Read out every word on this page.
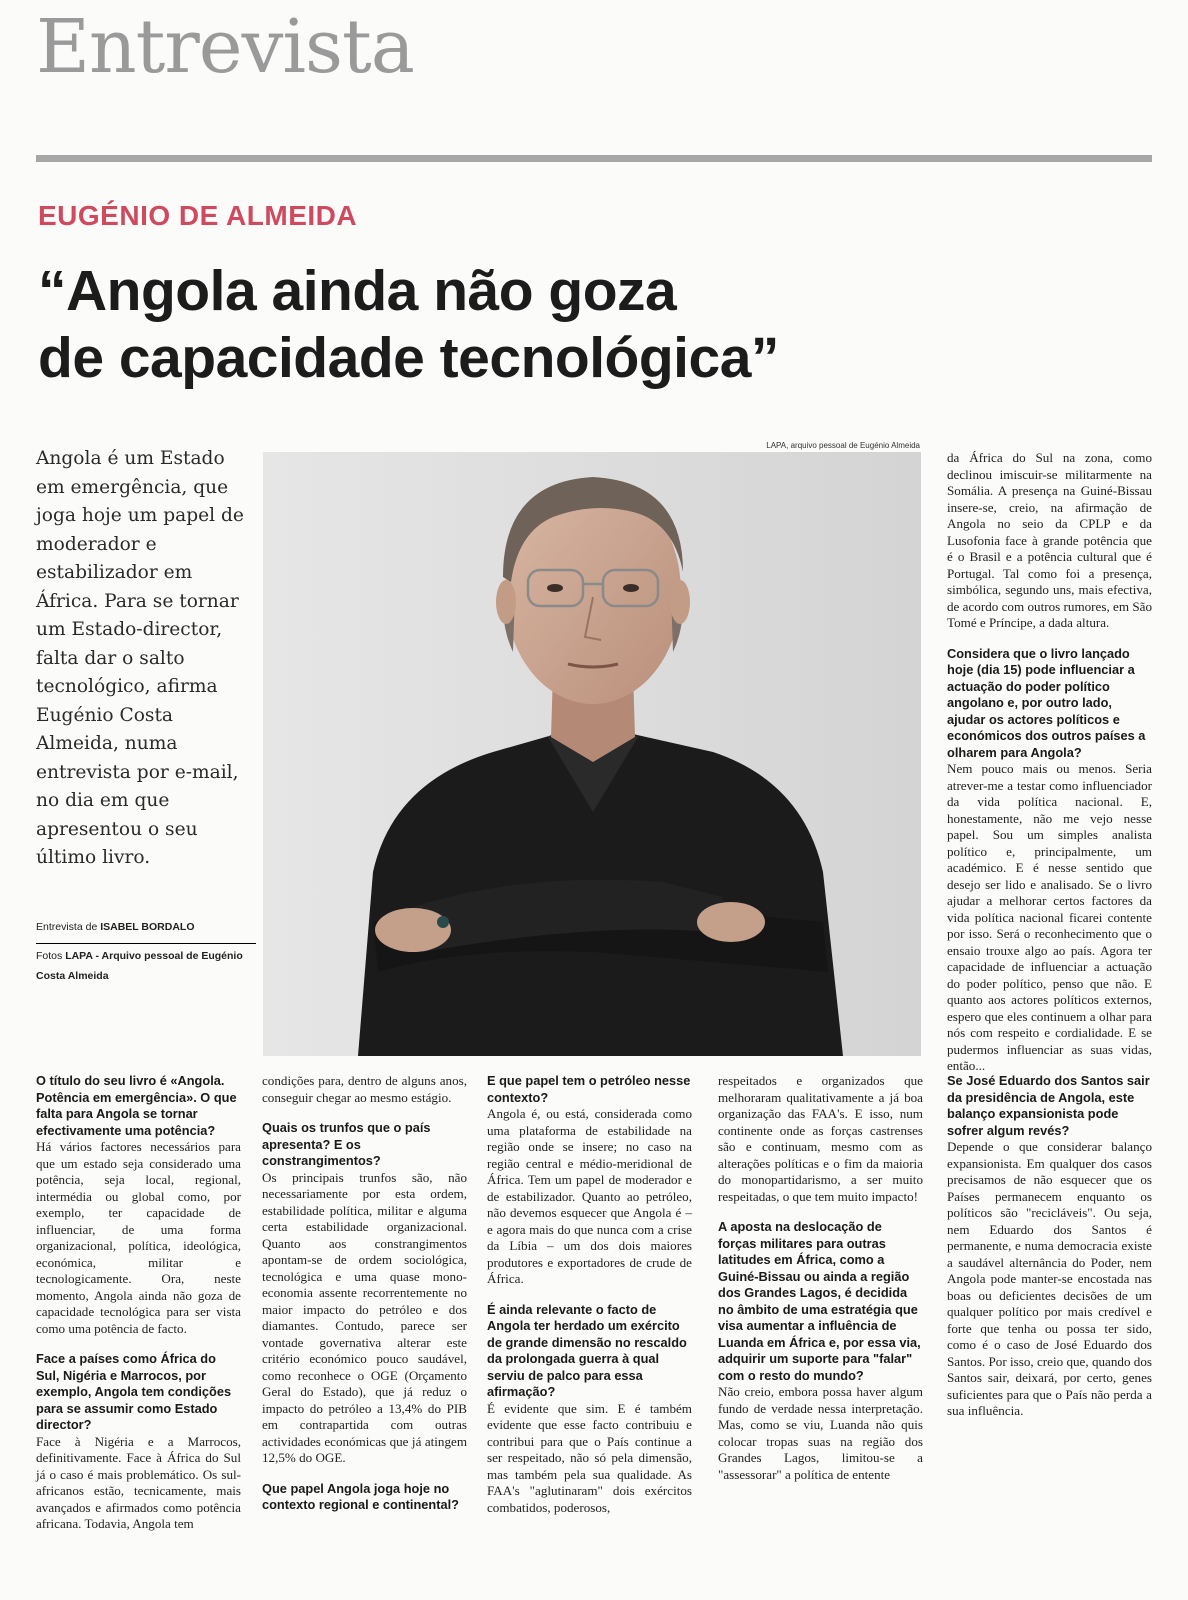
Entrevista
EUGÉNIO DE ALMEIDA
“Angola ainda não goza
de capacidade tecnológica”

Angola é um Estado em emergência, que joga hoje um papel de moderador e estabilizador em África. Para se tornar um Estado-director, falta dar o salto tecnológico, afirma Eugénio Costa Almeida, numa entrevista por e-mail, no dia em que apresentou o seu último livro.

LAPA, arquivo pessoal de Eugénio Almeida
Entrevista de ISABEL BORDALO
Fotos LAPA - Arquivo pessoal de Eugénio Costa Almeida

da África do Sul na zona, como declinou imiscuir-se militarmente na Somália. A presença na Guiné-Bissau insere-se, creio, na afirmação de Angola no seio da CPLP e da Lusofonia face à grande potência que é o Brasil e a potência cultural que é Portugal. Tal como foi a presença, simbólica, segundo uns, mais efectiva, de acordo com outros rumores, em São Tomé e Príncipe, a dada altura.

Considera que o livro lançado hoje (dia 15) pode influenciar a actuação do poder político angolano e, por outro lado, ajudar os actores políticos e económicos dos outros países a olharem para Angola?

Nem pouco mais ou menos. Seria atrever-me a testar como influenciador da vida política nacional. E, honestamente, não me vejo nesse papel. Sou um simples analista político e, principalmente, um académico. E é nesse sentido que desejo ser lido e analisado. Se o livro ajudar a melhorar certos factores da vida política nacional ficarei contente por isso. Será o reconhecimento que o ensaio trouxe algo ao país. Agora ter capacidade de influenciar a actuação do poder político, penso que não. E quanto aos actores políticos externos, espero que eles continuem a olhar para nós com respeito e cordialidade. E se pudermos influenciar as suas vidas, então...

O título do seu livro é «Angola. Potência em emergência». O que falta para Angola se tornar efectivamente uma potência?

Há vários factores necessários para que um estado seja considerado uma potência, seja local, regional, intermédia ou global como, por exemplo, ter capacidade de influenciar, de uma forma organizacional, política, ideológica, económica, militar e tecnologicamente. Ora, neste momento, Angola ainda não goza de capacidade tecnológica para ser vista como uma potência de facto.

Face a países como África do Sul, Nigéria e Marrocos, por exemplo, Angola tem condições para se assumir como Estado director?

Face à Nigéria e a Marrocos, definitivamente. Face à África do Sul já o caso é mais problemático. Os sul-africanos estão, tecnicamente, mais avançados e afirmados como potência africana. Todavia, Angola tem

condições para, dentro de alguns anos, conseguir chegar ao mesmo estágio.

Quais os trunfos que o país apresenta? E os constrangimentos?

Os principais trunfos são, não necessariamente por esta ordem, estabilidade política, militar e alguma certa estabilidade organizacional. Quanto aos constrangimentos apontam-se de ordem sociológica, tecnológica e uma quase mono-economia assente recorrentemente no maior impacto do petróleo e dos diamantes. Contudo, parece ser vontade governativa alterar este critério económico pouco saudável, como reconhece o OGE (Orçamento Geral do Estado), que já reduz o impacto do petróleo a 13,4% do PIB em contrapartida com outras actividades económicas que já atingem 12,5% do OGE.

Que papel Angola joga hoje no contexto regional e continental?

E que papel tem o petróleo nesse contexto?

Angola é, ou está, considerada como uma plataforma de estabilidade na região onde se insere; no caso na região central e médio-meridional de África. Tem um papel de moderador e de estabilizador. Quanto ao petróleo, não devemos esquecer que Angola é – e agora mais do que nunca com a crise da Líbia – um dos dois maiores produtores e exportadores de crude de África.

É ainda relevante o facto de Angola ter herdado um exército de grande dimensão no rescaldo da prolongada guerra à qual serviu de palco para essa afirmação?

É evidente que sim. E é também evidente que esse facto contribuiu e contribui para que o País continue a ser respeitado, não só pela dimensão, mas também pela sua qualidade. As FAA's "aglutinaram" dois exércitos combatidos, poderosos,

respeitados e organizados que melhoraram qualitativamente a já boa organização das FAA's. E isso, num continente onde as forças castrenses são e continuam, mesmo com as alterações políticas e o fim da maioria do monopartidarismo, a ser muito respeitadas, o que tem muito impacto!

A aposta na deslocação de forças militares para outras latitudes em África, como a Guiné-Bissau ou ainda a região dos Grandes Lagos, é decidida no âmbito de uma estratégia que visa aumentar a influência de Luanda em África e, por essa via, adquirir um suporte para "falar" com o resto do mundo?

Não creio, embora possa haver algum fundo de verdade nessa interpretação. Mas, como se viu, Luanda não quis colocar tropas suas na região dos Grandes Lagos, limitou-se a "assessorar" a política de entente

Se José Eduardo dos Santos sair da presidência de Angola, este balanço expansionista pode sofrer algum revés?

Depende o que considerar balanço expansionista. Em qualquer dos casos precisamos de não esquecer que os Países permanecem enquanto os políticos são "recicláveis". Ou seja, nem Eduardo dos Santos é permanente, e numa democracia existe a saudável alternância do Poder, nem Angola pode manter-se encostada nas boas ou deficientes decisões de um qualquer político por mais credível e forte que tenha ou possa ter sido, como é o caso de José Eduardo dos Santos. Por isso, creio que, quando dos Santos sair, deixará, por certo, genes suficientes para que o País não perda a sua influência.
